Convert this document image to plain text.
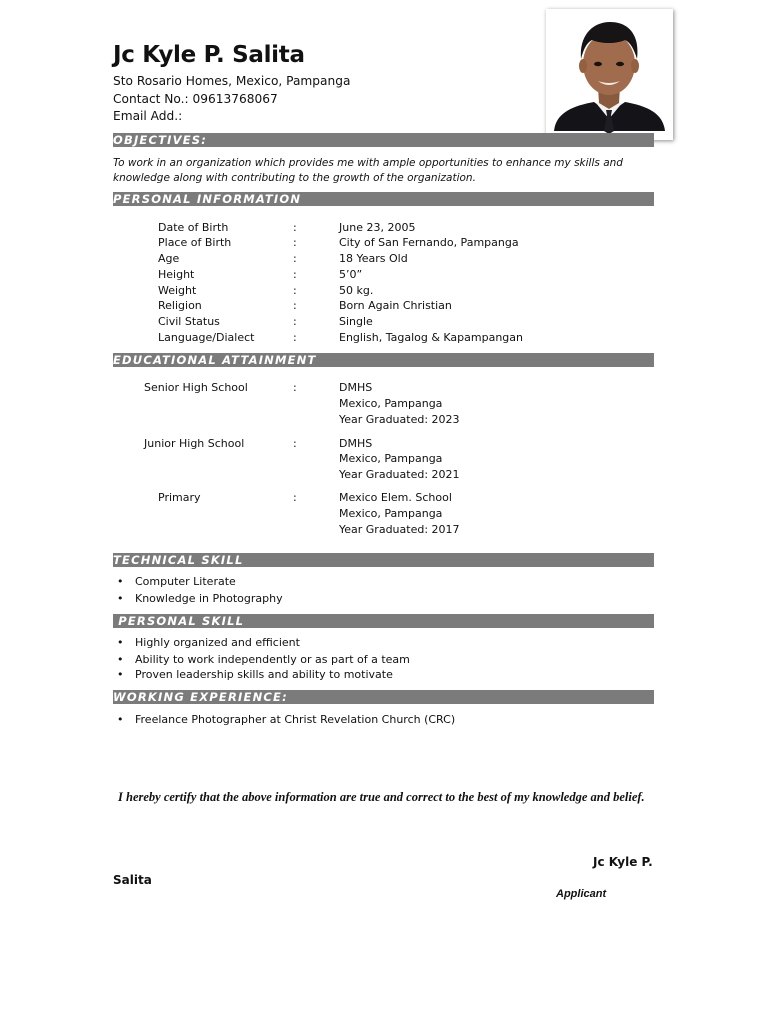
Jc Kyle P. Salita
Sto Rosario Homes, Mexico, Pampanga
Contact No.: 09613768067
Email Add.:
OBJECTIVES:
To work in an organization which provides me with ample opportunities to enhance my skills and knowledge along with contributing to the growth of the organization.
PERSONAL INFORMATION
Date of Birth	:	June 23, 2005
Place of Birth	:	City of San Fernando, Pampanga
Age	:	18 Years Old
Height	:	5’0”
Weight	:	50 kg.
Religion	:	Born Again Christian
Civil Status	:	Single
Language/Dialect	:	English, Tagalog & Kapampangan
EDUCATIONAL ATTAINMENT
Senior High School	:	DMHS
Mexico, Pampanga
Year Graduated: 2023
Junior High School	:	DMHS
Mexico, Pampanga
Year Graduated: 2021
Primary	:	Mexico Elem. School
Mexico, Pampanga
Year Graduated: 2017
TECHNICAL SKILL
• Computer Literate
• Knowledge in Photography
PERSONAL SKILL
• Highly organized and efficient
• Ability to work independently or as part of a team
• Proven leadership skills and ability to motivate
WORKING EXPERIENCE:
• Freelance Photographer at Christ Revelation Church (CRC)
I hereby certify that the above information are true and correct to the best of my knowledge and belief.
Jc Kyle P.
Salita
Applicant
